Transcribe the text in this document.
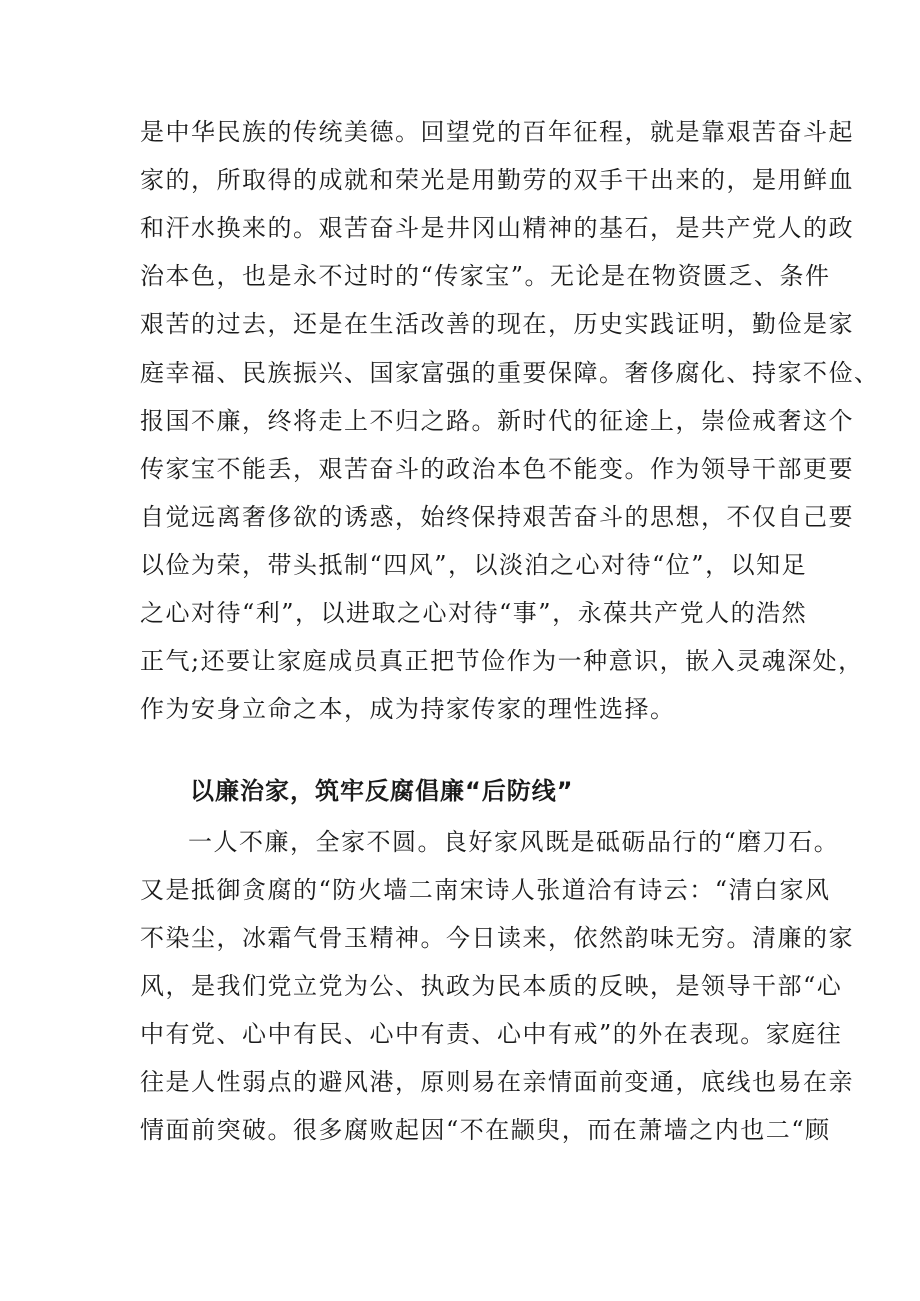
是中华民族的传统美德。回望党的百年征程，就是靠艰苦奋斗起
家的，所取得的成就和荣光是用勤劳的双手干出来的，是用鲜血
和汗水换来的。艰苦奋斗是井冈山精神的基石，是共产党人的政
治本色，也是永不过时的“传家宝”。无论是在物资匮乏、条件
艰苦的过去，还是在生活改善的现在，历史实践证明，勤俭是家
庭幸福、民族振兴、国家富强的重要保障。奢侈腐化、持家不俭、
报国不廉，终将走上不归之路。新时代的征途上，崇俭戒奢这个
传家宝不能丢，艰苦奋斗的政治本色不能变。作为领导干部更要
自觉远离奢侈欲的诱惑，始终保持艰苦奋斗的思想，不仅自己要
以俭为荣，带头抵制“四风”，以淡泊之心对待“位”，以知足
之心对待“利”，以进取之心对待“事”，永葆共产党人的浩然
正气;还要让家庭成员真正把节俭作为一种意识，嵌入灵魂深处，
作为安身立命之本，成为持家传家的理性选择。
以廉治家，筑牢反腐倡廉“后防线”
一人不廉，全家不圆。良好家风既是砥砺品行的“磨刀石。
又是抵御贪腐的“防火墙二南宋诗人张道洽有诗云：“清白家风
不染尘，冰霜气骨玉精神。今日读来，依然韵味无穷。清廉的家
风，是我们党立党为公、执政为民本质的反映，是领导干部“心
中有党、心中有民、心中有责、心中有戒”的外在表现。家庭往
往是人性弱点的避风港，原则易在亲情面前变通，底线也易在亲
情面前突破。很多腐败起因“不在颛臾，而在萧墙之内也二“顾
